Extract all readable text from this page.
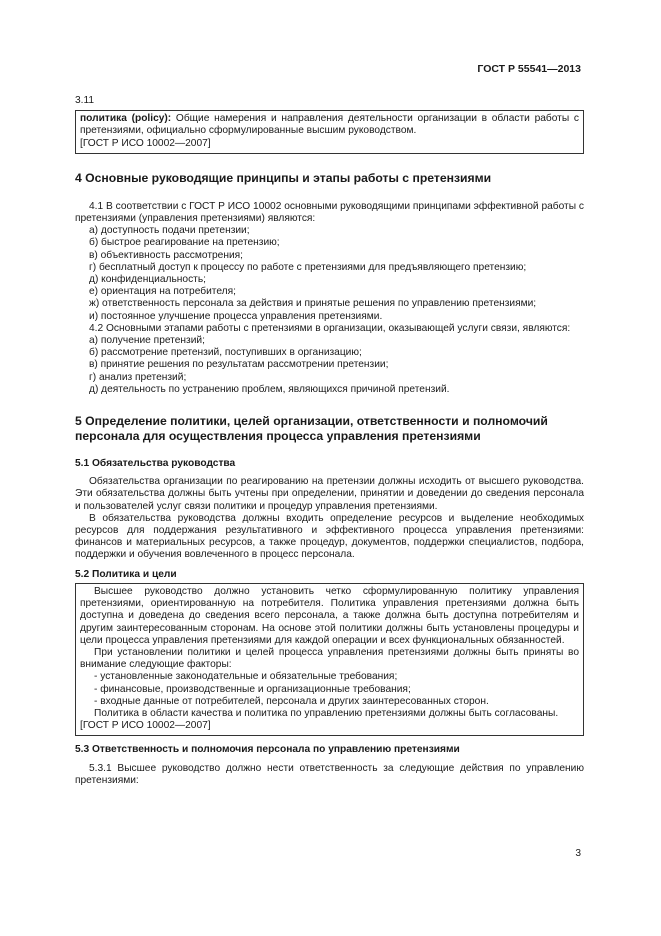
ГОСТ Р 55541—2013

3.11

политика (policy): Общие намерения и направления деятельности организации в области работы с претензиями, официально сформулированные высшим руководством.

[ГОСТ Р ИСО 10002—2007]

4 Основные руководящие принципы и этапы работы с претензиями

4.1 В соответствии с ГОСТ Р ИСО 10002 основными руководящими принципами эффективной работы с претензиями (управления претензиями) являются:

а) доступность подачи претензии;

б) быстрое реагирование на претензию;

в) объективность рассмотрения;

г) бесплатный доступ к процессу по работе с претензиями для предъявляющего претензию;

д) конфиденциальность;

е) ориентация на потребителя;

ж) ответственность персонала за действия и принятые решения по управлению претензиями;

и) постоянное улучшение процесса управления претензиями.

4.2 Основными этапами работы с претензиями в организации, оказывающей услуги связи, являются:

а) получение претензий;

б) рассмотрение претензий, поступивших в организацию;

в) принятие решения по результатам рассмотрении претензии;

г) анализ претензий;

д) деятельность по устранению проблем, являющихся причиной претензий.

5 Определение политики, целей организации, ответственности и полномочий персонала для осуществления процесса управления претензиями

5.1 Обязательства руководства

Обязательства организации по реагированию на претензии должны исходить от высшего руководства. Эти обязательства должны быть учтены при определении, принятии и доведении до сведения персонала и пользователей услуг связи политики и процедур управления претензиями.

В обязательства руководства должны входить определение ресурсов и выделение необходимых ресурсов для поддержания результативного и эффективного процесса управления претензиями: финансов и материальных ресурсов, а также процедур, документов, поддержки специалистов, подбора, поддержки и обучения вовлеченного в процесс персонала.

5.2 Политика и цели

Высшее руководство должно установить четко сформулированную политику управления претензиями, ориентированную на потребителя. Политика управления претензиями должна быть доступна и доведена до сведения всего персонала, а также должна быть доступна потребителям и другим заинтересованным сторонам. На основе этой политики должны быть установлены процедуры и цели процесса управления претензиями для каждой операции и всех функциональных обязанностей.

При установлении политики и целей процесса управления претензиями должны быть приняты во внимание следующие факторы:

- установленные законодательные и обязательные требования;

- финансовые, производственные и организационные требования;

- входные данные от потребителей, персонала и других заинтересованных сторон.

Политика в области качества и политика по управлению претензиями должны быть согласованы.

[ГОСТ Р ИСО 10002—2007]

5.3 Ответственность и полномочия персонала по управлению претензиями

5.3.1 Высшее руководство должно нести ответственность за следующие действия по управлению претензиями:

3
